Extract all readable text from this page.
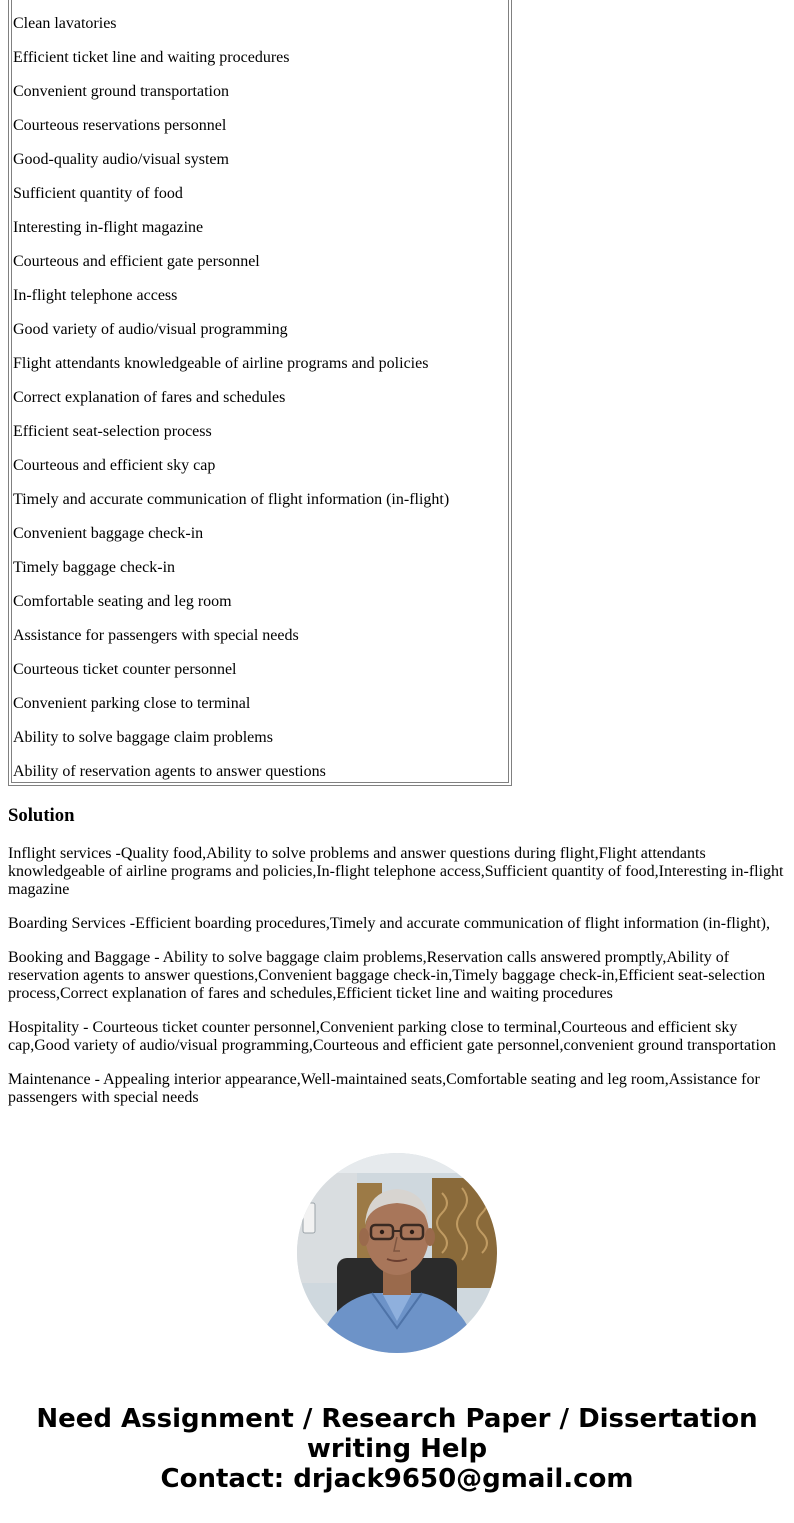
Clean lavatories

Efficient ticket line and waiting procedures

Convenient ground transportation

Courteous reservations personnel

Good-quality audio/visual system

Sufficient quantity of food

Interesting in-flight magazine

Courteous and efficient gate personnel

In-flight telephone access

Good variety of audio/visual programming

Flight attendants knowledgeable of airline programs and policies

Correct explanation of fares and schedules

Efficient seat-selection process

Courteous and efficient sky cap

Timely and accurate communication of flight information (in-flight)

Convenient baggage check-in

Timely baggage check-in

Comfortable seating and leg room

Assistance for passengers with special needs

Courteous ticket counter personnel

Convenient parking close to terminal

Ability to solve baggage claim problems

Ability of reservation agents to answer questions

Solution

Inflight services -Quality food,Ability to solve problems and answer questions during flight,Flight attendants knowledgeable of airline programs and policies,In-flight telephone access,Sufficient quantity of food,Interesting in-flight magazine

Boarding Services -Efficient boarding procedures,Timely and accurate communication of flight information (in-flight),

Booking and Baggage - Ability to solve baggage claim problems,Reservation calls answered promptly,Ability of reservation agents to answer questions,Convenient baggage check-in,Timely baggage check-in,Efficient seat-selection process,Correct explanation of fares and schedules,Efficient ticket line and waiting procedures

Hospitality - Courteous ticket counter personnel,Convenient parking close to terminal,Courteous and efficient sky cap,Good variety of audio/visual programming,Courteous and efficient gate personnel,convenient ground transportation

Maintenance - Appealing interior appearance,Well-maintained seats,Comfortable seating and leg room,Assistance for passengers with special needs

Need Assignment / Research Paper / Dissertation
writing Help
Contact: drjack9650@gmail.com
